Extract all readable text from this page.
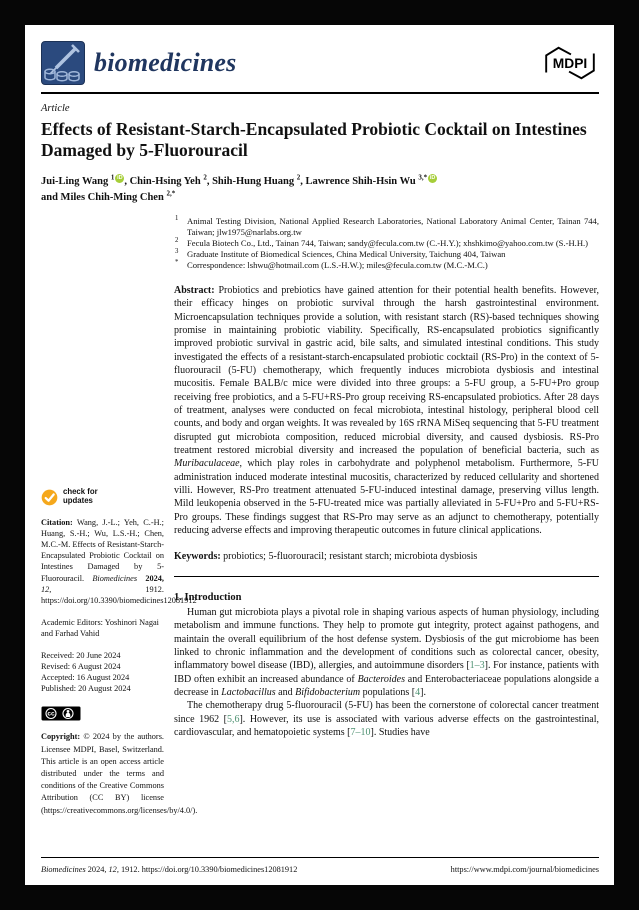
biomedicines	MDPI
Article
Effects of Resistant-Starch-Encapsulated Probiotic Cocktail on Intestines Damaged by 5-Fluorouracil
Jui-Ling Wang $^1$ iD , Chin-Hsing Yeh $^2$, Shih-Hung Huang $^2$, Lawrence Shih-Hsin Wu $^{3,*}$ iD
and Miles Chih-Ming Chen $^{2,*}$
check for
updates
Citation: Wang, J.-L.; Yeh, C.-H.; Huang, S.-H.; Wu, L.S.-H.; Chen, M.C.-M. Effects of Resistant-Starch-Encapsulated Probiotic Cocktail on Intestines Damaged by 5-Fluorouracil. Biomedicines 2024, 12, 1912. https://doi.org/10.3390/biomedicines12081912
Academic Editors: Yoshinori Nagai and Farhad Vahid
Received: 20 June 2024
Revised: 6 August 2024
Accepted: 16 August 2024
Published: 20 August 2024
cc
Copyright: © 2024 by the authors. Licensee MDPI, Basel, Switzerland. This article is an open access article distributed under the terms and conditions of the Creative Commons Attribution (CC BY) license (https://creativecommons.org/licenses/by/4.0/).
1 Animal Testing Division, National Applied Research Laboratories, National Laboratory Animal Center, Tainan 744, Taiwan; jlw1975@narlabs.org.tw
2 Fecula Biotech Co., Ltd., Tainan 744, Taiwan; sandy@fecula.com.tw (C.-H.Y.); xhshkimo@yahoo.com.tw (S.-H.H.)
3 Graduate Institute of Biomedical Sciences, China Medical University, Taichung 404, Taiwan
* Correspondence: lshwu@hotmail.com (L.S.-H.W.); miles@fecula.com.tw (M.C.-M.C.)
Abstract: Probiotics and prebiotics have gained attention for their potential health benefits. However, their efficacy hinges on probiotic survival through the harsh gastrointestinal environment. Microencapsulation techniques provide a solution, with resistant starch (RS)-based techniques showing promise in maintaining probiotic viability. Specifically, RS-encapsulated probiotics significantly improved probiotic survival in gastric acid, bile salts, and simulated intestinal conditions. This study investigated the effects of a resistant-starch-encapsulated probiotic cocktail (RS-Pro) in the context of 5-fluorouracil (5-FU) chemotherapy, which frequently induces microbiota dysbiosis and intestinal mucositis. Female BALB/c mice were divided into three groups: a 5-FU group, a 5-FU+Pro group receiving free probiotics, and a 5-FU+RS-Pro group receiving RS-encapsulated probiotics. After 28 days of treatment, analyses were conducted on fecal microbiota, intestinal histology, peripheral blood cell counts, and body and organ weights. It was revealed by 16S rRNA MiSeq sequencing that 5-FU treatment disrupted gut microbiota composition, reduced microbial diversity, and caused dysbiosis. RS-Pro treatment restored microbial diversity and increased the population of beneficial bacteria, such as Muribaculaceae, which play roles in carbohydrate and polyphenol metabolism. Furthermore, 5-FU administration induced moderate intestinal mucositis, characterized by reduced cellularity and shortened villi. However, RS-Pro treatment attenuated 5-FU-induced intestinal damage, preserving villus length. Mild leukopenia observed in the 5-FU-treated mice was partially alleviated in 5-FU+Pro and 5-FU+RS-Pro groups. These findings suggest that RS-Pro may serve as an adjunct to chemotherapy, potentially reducing adverse effects and improving therapeutic outcomes in future clinical applications.
Keywords: probiotics; 5-fluorouracil; resistant starch; microbiota dysbiosis
1. Introduction

Human gut microbiota plays a pivotal role in shaping various aspects of human physiology, including metabolism and immune functions. They help to promote gut integrity, protect against pathogens, and maintain the overall equilibrium of the host defense system. Dysbiosis of the gut microbiome has been linked to chronic inflammation and the development of conditions such as colorectal cancer, obesity, inflammatory bowel disease (IBD), allergies, and autoimmune disorders [1–3]. For instance, patients with IBD often exhibit an increased abundance of Bacteroides and Enterobacteriaceae populations alongside a decrease in Lactobacillus and Bifidobacterium populations [4].

The chemotherapy drug 5-fluorouracil (5-FU) has been the cornerstone of colorectal cancer treatment since 1962 [5,6]. However, its use is associated with various adverse effects on the gastrointestinal, cardiovascular, and hematopoietic systems [7–10]. Studies have

Biomedicines 2024, 12, 1912. https://doi.org/10.3390/biomedicines12081912	https://www.mdpi.com/journal/biomedicines
